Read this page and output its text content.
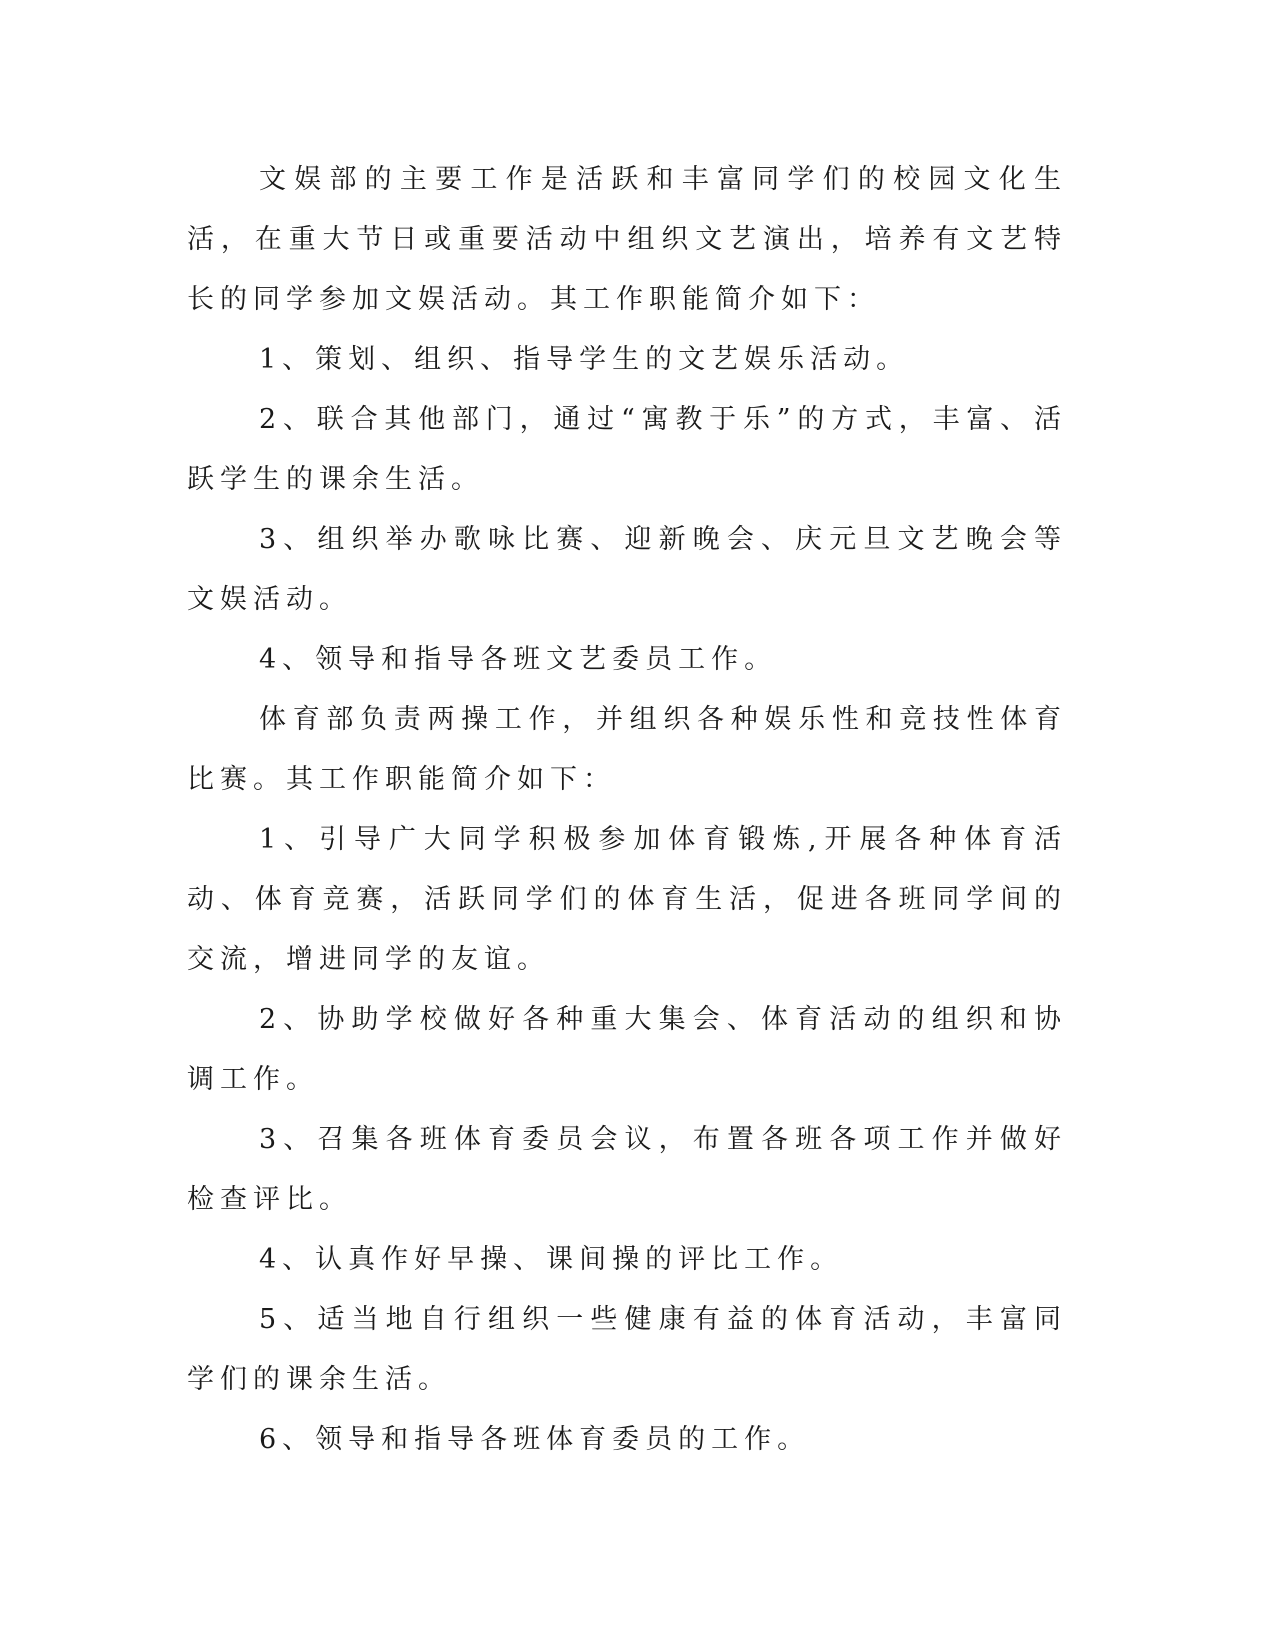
文娱部的主要工作是活跃和丰富同学们的校园文化生活，在重大节日或重要活动中组织文艺演出，培养有文艺特长的同学参加文娱活动。其工作职能简介如下：

1、策划、组织、指导学生的文艺娱乐活动。

2、联合其他部门，通过“寓教于乐”的方式，丰富、活跃学生的课余生活。

3、组织举办歌咏比赛、迎新晚会、庆元旦文艺晚会等文娱活动。

4、领导和指导各班文艺委员工作。

体育部负责两操工作，并组织各种娱乐性和竞技性体育比赛。其工作职能简介如下：

1、引导广大同学积极参加体育锻炼,开展各种体育活动、体育竞赛，活跃同学们的体育生活，促进各班同学间的交流，增进同学的友谊。

2、协助学校做好各种重大集会、体育活动的组织和协调工作。

3、召集各班体育委员会议，布置各班各项工作并做好检查评比。

4、认真作好早操、课间操的评比工作。

5、适当地自行组织一些健康有益的体育活动，丰富同学们的课余生活。

6、领导和指导各班体育委员的工作。
